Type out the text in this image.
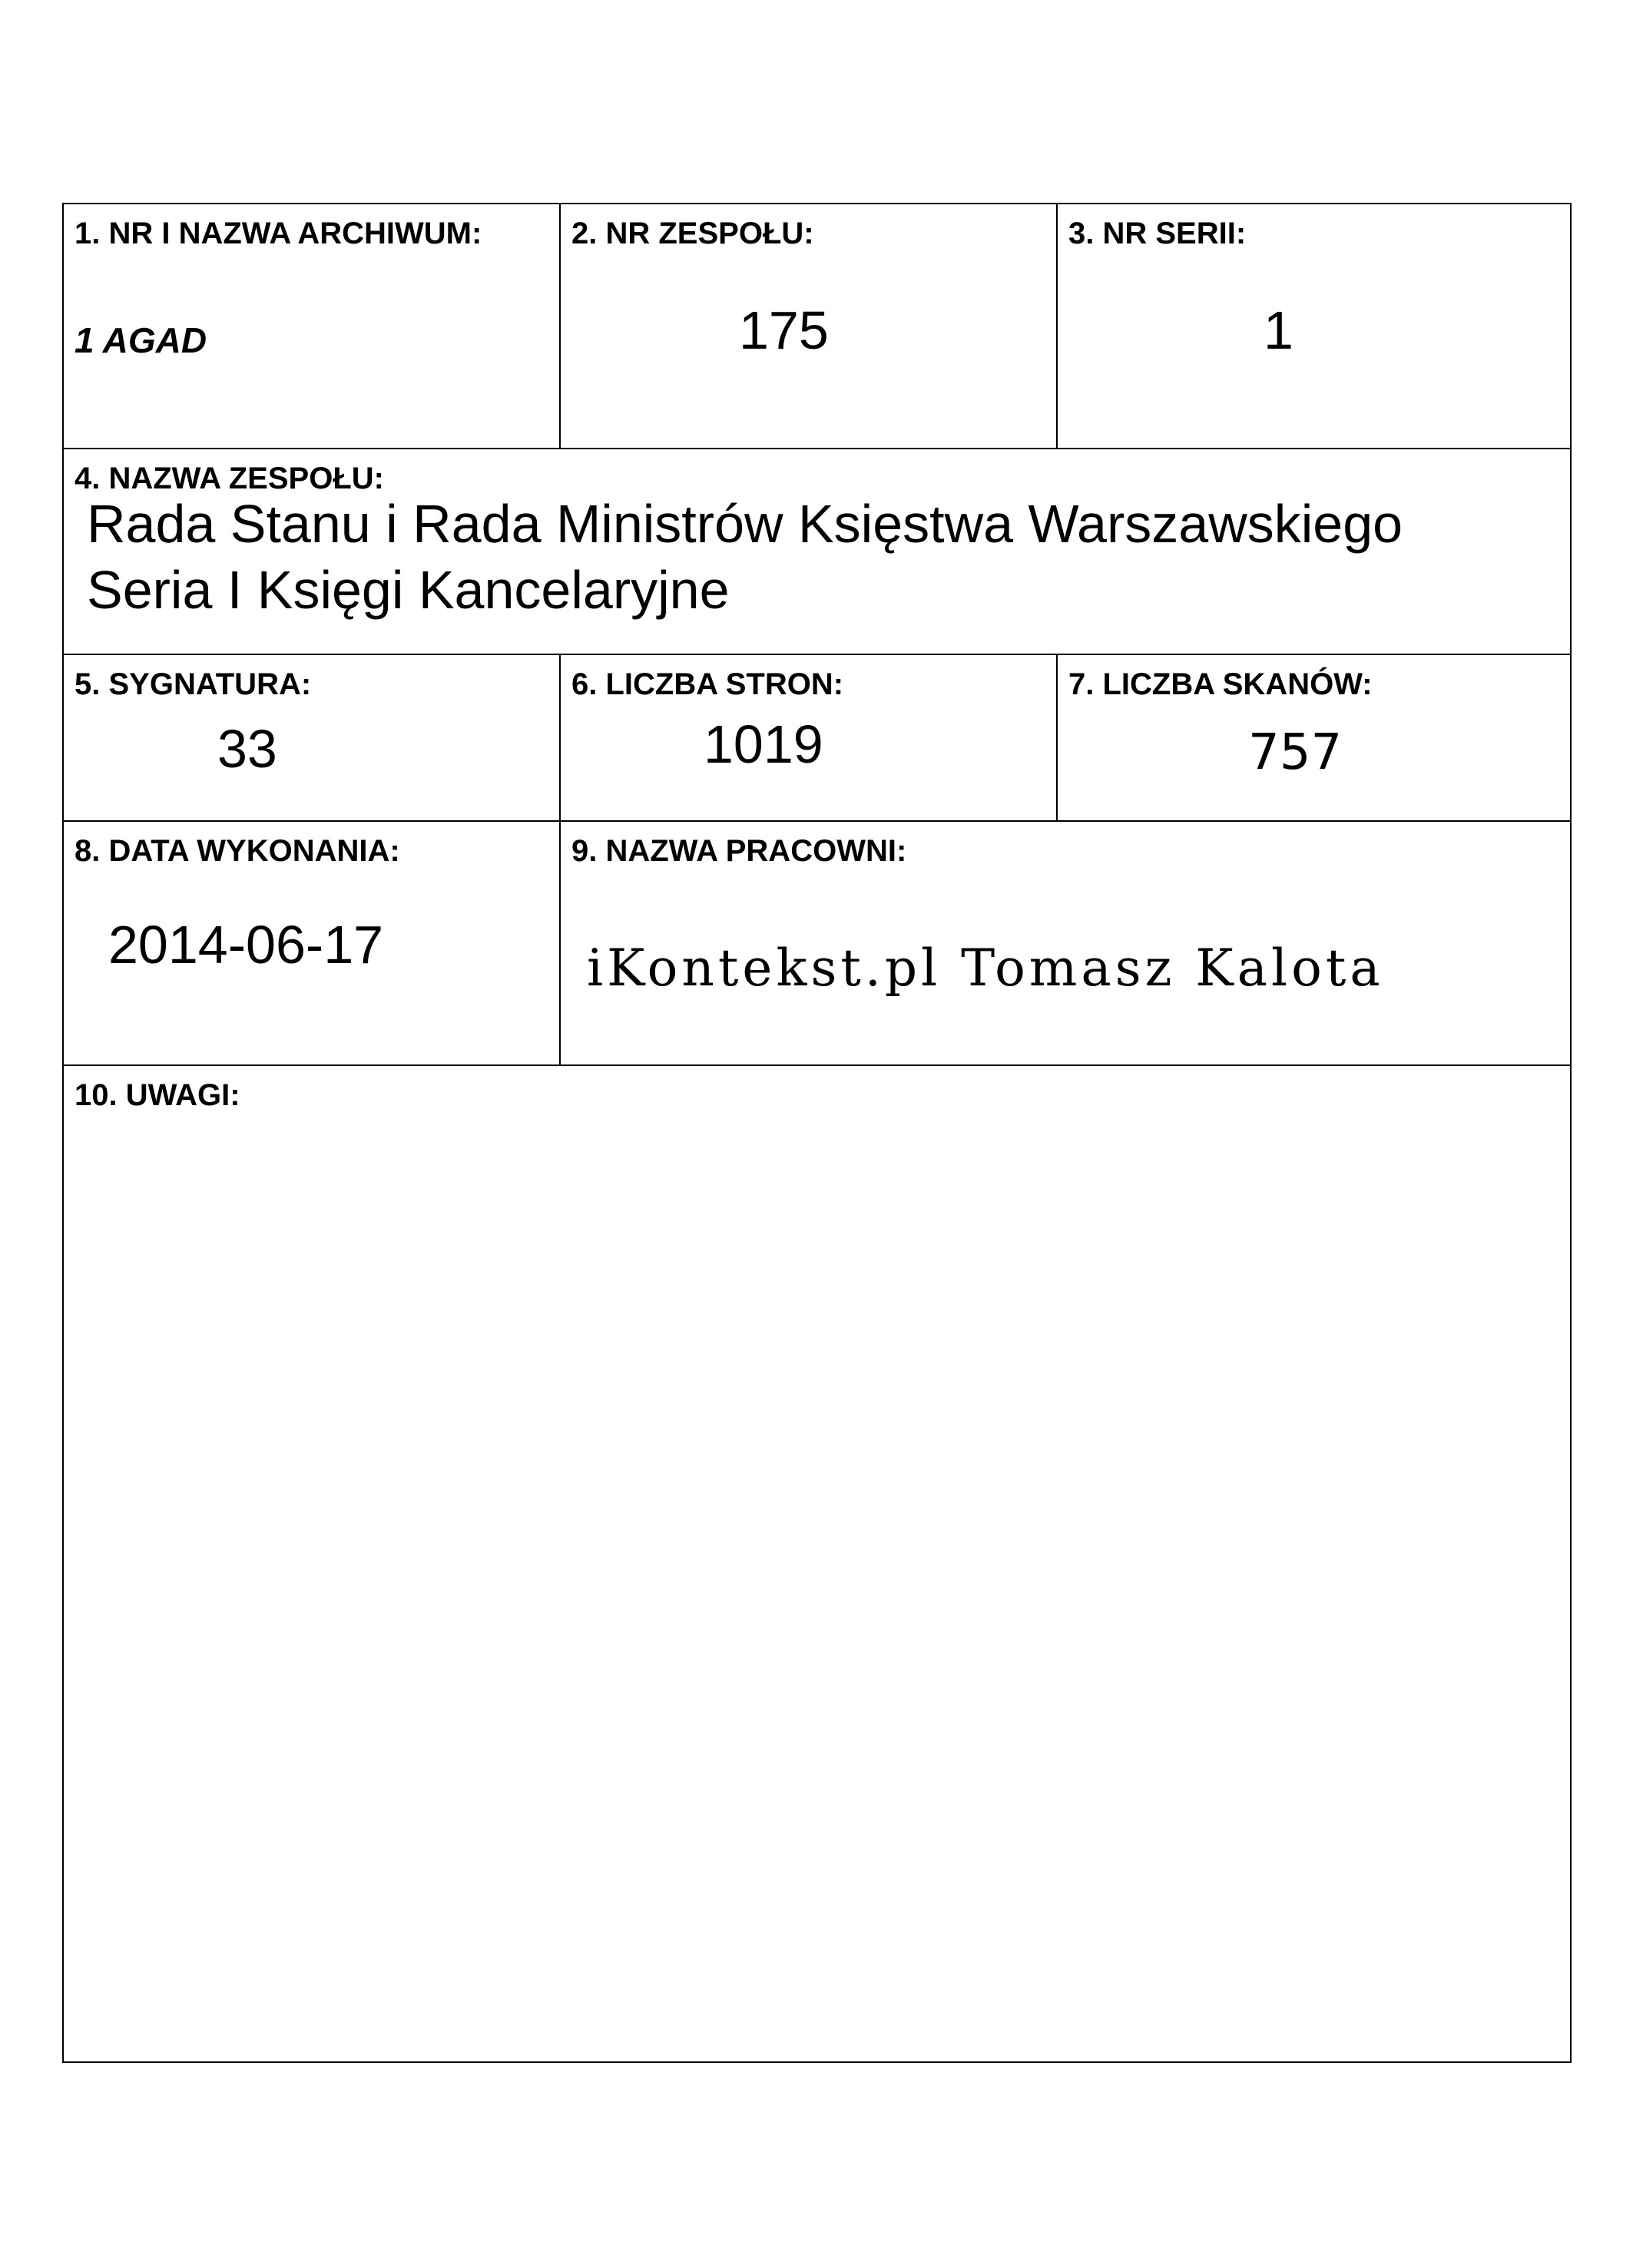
1. NR I NAZWA ARCHIWUM:
1 AGAD
2. NR ZESPOŁU:
175
3. NR SERII:
1
4. NAZWA ZESPOŁU:
Rada Stanu i Rada Ministrów Księstwa Warszawskiego
Seria I Księgi Kancelaryjne
5. SYGNATURA:
33
6. LICZBA STRON:
1019
7. LICZBA SKANÓW:
757
8. DATA WYKONANIA:
2014-06-17
9. NAZWA PRACOWNI:
iKontekst.pl Tomasz Kalota
10. UWAGI:
